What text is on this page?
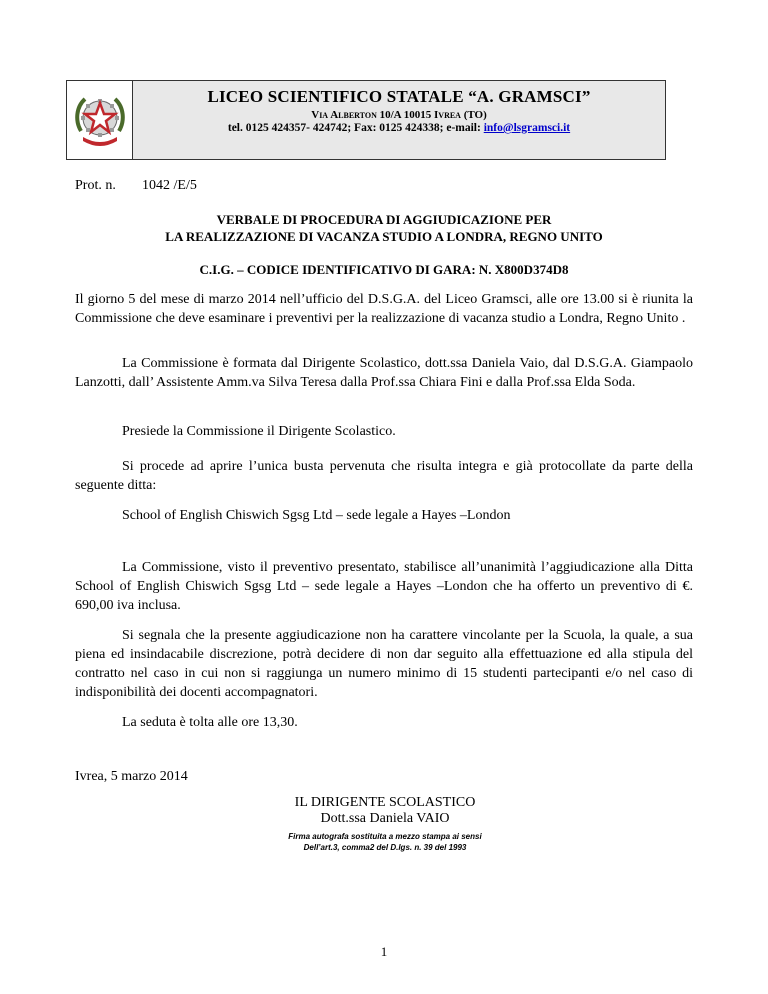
LICEO SCIENTIFICO STATALE “A. GRAMSCI”
Via Alberton 10/A 10015 Ivrea (TO)
tel. 0125 424357- 424742; Fax: 0125 424338; e-mail: info@lsgramsci.it
Prot. n. 1042 /E/5
VERBALE DI PROCEDURA DI AGGIUDICAZIONE PER
LA REALIZZAZIONE DI VACANZA STUDIO A LONDRA, REGNO UNITO
C.I.G. – CODICE IDENTIFICATIVO DI GARA: N. X800D374D8
Il giorno 5 del mese di marzo 2014 nell’ufficio del D.S.G.A. del Liceo Gramsci, alle ore 13.00 si è riunita la Commissione che deve esaminare i preventivi per la realizzazione di vacanza studio a Londra, Regno Unito .
La Commissione è formata dal Dirigente Scolastico, dott.ssa Daniela Vaio, dal D.S.G.A. Giampaolo Lanzotti, dall’ Assistente Amm.va Silva Teresa dalla Prof.ssa Chiara Fini e dalla Prof.ssa Elda Soda.
Presiede la Commissione il Dirigente Scolastico.
Si procede ad aprire l’unica busta pervenuta che risulta integra e già protocollate da parte della seguente ditta:
School of English Chiswich Sgsg Ltd – sede legale a Hayes –London
La Commissione, visto il preventivo presentato, stabilisce all’unanimità l’aggiudicazione alla Ditta School of English Chiswich Sgsg Ltd – sede legale a Hayes –London che ha offerto un preventivo di €. 690,00 iva inclusa.
Si segnala che la presente aggiudicazione non ha carattere vincolante per la Scuola, la quale, a sua piena ed insindacabile discrezione, potrà decidere di non dar seguito alla effettuazione ed alla stipula del contratto nel caso in cui non si raggiunga un numero minimo di 15 studenti partecipanti e/o nel caso di indisponibilità dei docenti accompagnatori.
La seduta è tolta alle ore 13,30.
Ivrea, 5 marzo 2014
IL DIRIGENTE SCOLASTICO
Dott.ssa Daniela VAIO
Firma autografa sostituita a mezzo stampa ai sensi
Dell’art.3, comma2 del D.lgs. n. 39 del 1993
1
